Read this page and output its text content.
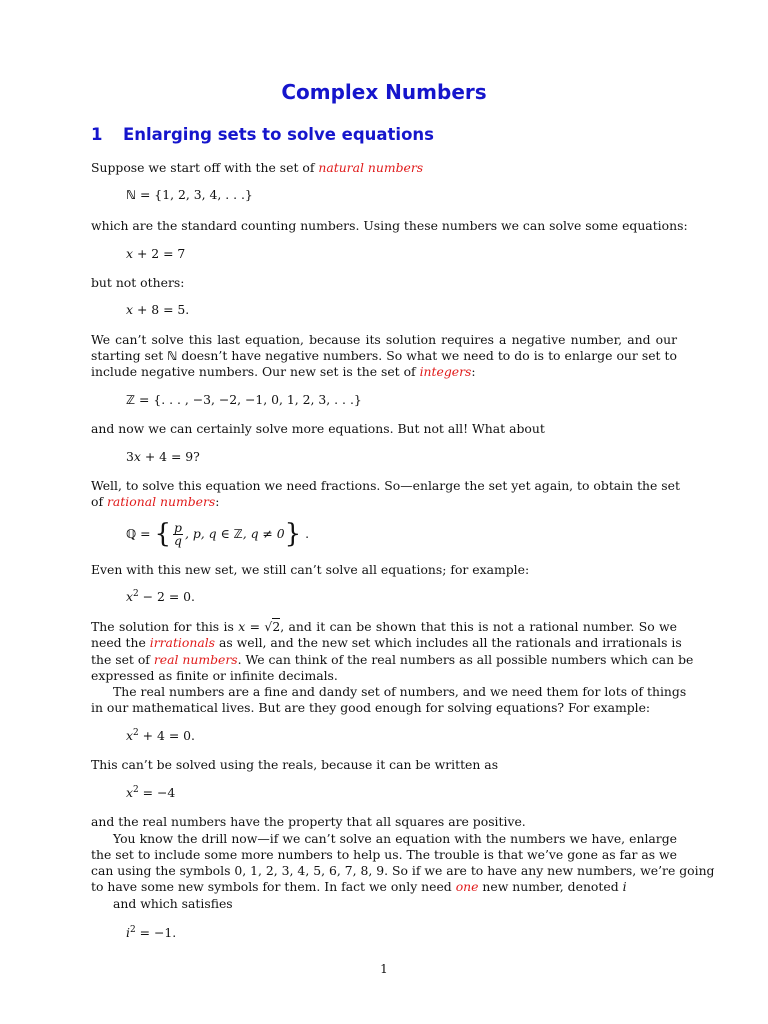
Complex Numbers
1 Enlarging sets to solve equations
Suppose we start off with the set of natural numbers
ℕ = {1, 2, 3, 4, . . .}
which are the standard counting numbers. Using these numbers we can solve some equations:
x + 2 = 7
but not others:
x + 8 = 5.
We can’t solve this last equation, because its solution requires a negative number, and our
starting set ℕ doesn’t have negative numbers. So what we need to do is to enlarge our set to
include negative numbers. Our new set is the set of integers:
ℤ = {. . . , −3, −2, −1, 0, 1, 2, 3, . . .}
and now we can certainly solve more equations. But not all! What about
3x + 4 = 9?
Well, to solve this equation we need fractions. So—enlarge the set yet again, to obtain the set
of rational numbers:
ℚ = { $\frac{p}{q}$ , p, q ∈ ℤ, q ≠ 0} .
Even with this new set, we still can’t solve all equations; for example:
$x^2 - 2 = 0$.
The solution for this is x = √2, and it can be shown that this is not a rational number. So we
need the irrationals as well, and the new set which includes all the rationals and irrationals is
the set of real numbers. We can think of the real numbers as all possible numbers which can be
expressed as finite or infinite decimals.
The real numbers are a fine and dandy set of numbers, and we need them for lots of things
in our mathematical lives. But are they good enough for solving equations? For example:
$x^2 + 4 = 0$.
This can’t be solved using the reals, because it can be written as
$x^2 = -4$
and the real numbers have the property that all squares are positive.
You know the drill now—if we can’t solve an equation with the numbers we have, enlarge
the set to include some more numbers to help us. The trouble is that we’ve gone as far as we
can using the symbols 0, 1, 2, 3, 4, 5, 6, 7, 8, 9. So if we are to have any new numbers, we’re going
to have some new symbols for them. In fact we only need one new number, denoted i
and which satisfies
$i^2 = -1$.
1
